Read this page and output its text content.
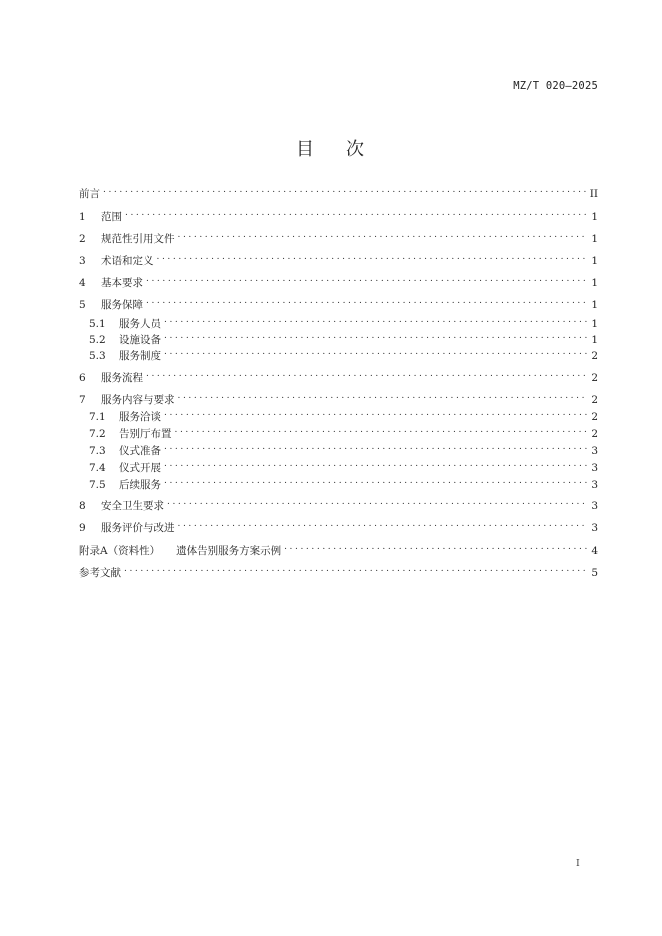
MZ/T 020—2025
目 次
前言 .....	II
1	范围 .....	1
2	规范性引用文件 .....	1
3	术语和定义 .....	1
4	基本要求 .....	1
5	服务保障 .....	1
5.1	服务人员 .....	1
5.2	设施设备 .....	1
5.3	服务制度 .....	2
6	服务流程 .....	2
7	服务内容与要求 .....	2
7.1	服务洽谈 .....	2
7.2	告别厅布置 .....	2
7.3	仪式准备 .....	3
7.4	仪式开展 .....	3
7.5	后续服务 .....	3
8	安全卫生要求 .....	3
9	服务评价与改进 .....	3
附录A（资料性） 遗体告别服务方案示例 .....	4
参考文献 .....	5
I
